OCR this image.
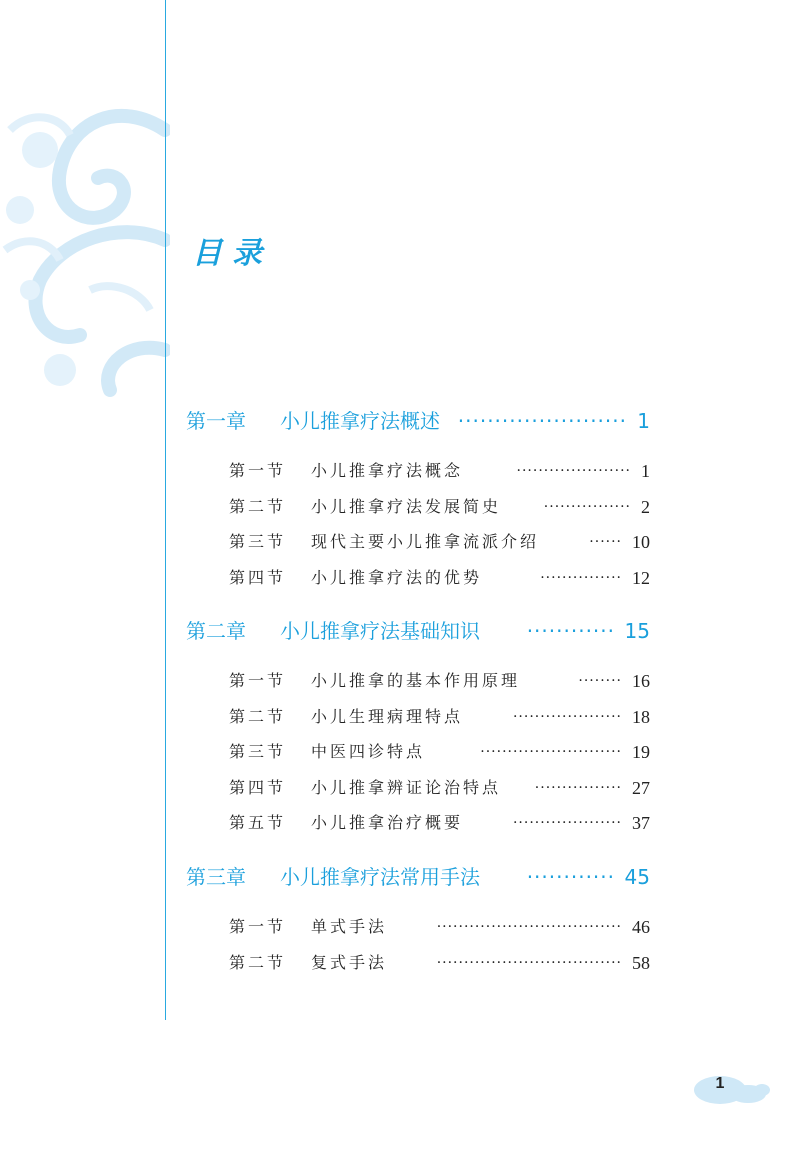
目录
第一章 小儿推拿疗法概述 ······················· 1
第一节 小儿推拿疗法概念	····················· 1
第二节 小儿推拿疗法发展简史	················ 2
第三节 现代主要小儿推拿流派介绍	······ 10
第四节 小儿推拿疗法的优势	··············· 12
第二章 小儿推拿疗法基础知识	············ 15
第一节 小儿推拿的基本作用原理	········ 16
第二节 小儿生理病理特点	···················· 18
第三节 中医四诊特点	·························· 19
第四节 小儿推拿辨证论治特点	················ 27
第五节 小儿推拿治疗概要	···················· 37
第三章 小儿推拿疗法常用手法	············ 45
第一节 单式手法	·································· 46
第二节 复式手法	·································· 58
1
